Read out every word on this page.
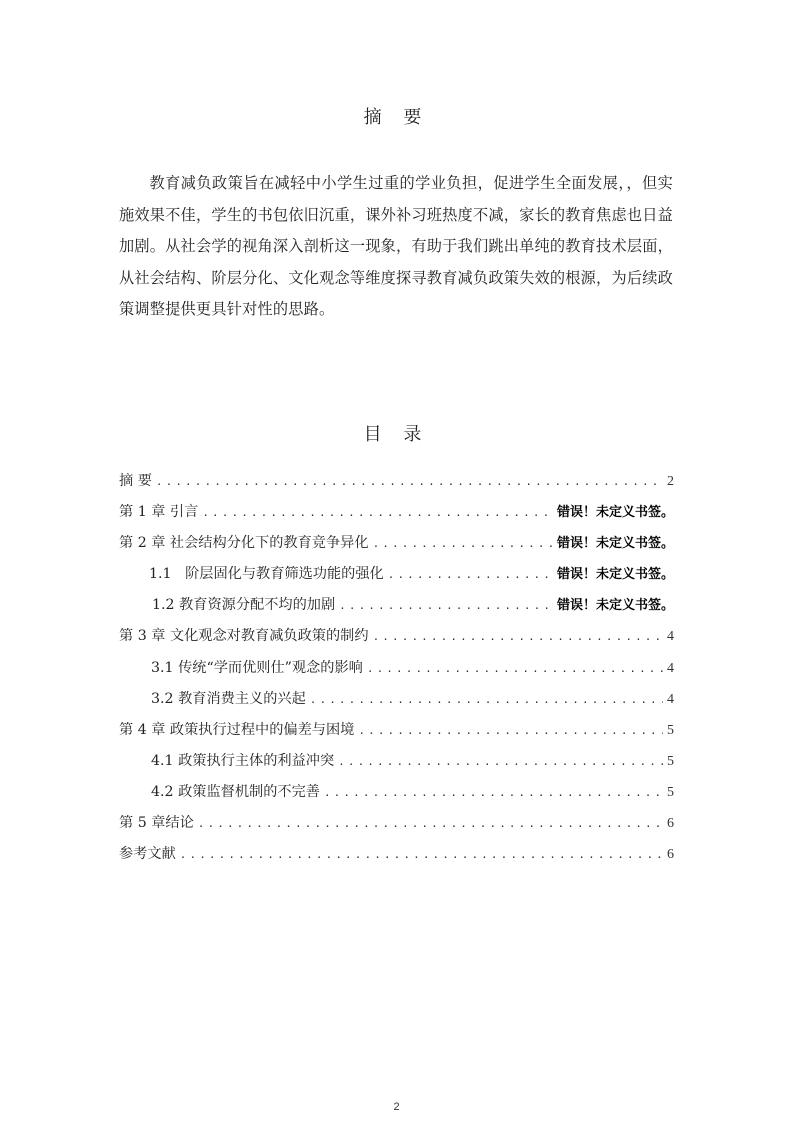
摘 要

教育减负政策旨在减轻中小学生过重的学业负担，促进学生全面发展，，但实施效果不佳，学生的书包依旧沉重，课外补习班热度不减，家长的教育焦虑也日益加剧。从社会学的视角深入剖析这一现象，有助于我们跳出单纯的教育技术层面，从社会结构、阶层分化、文化观念等维度探寻教育减负政策失效的根源，为后续政策调整提供更具针对性的思路。

目 录
摘 要 .....	2
第 1 章 引言 .....	错误！未定义书签。
第 2 章 社会结构分化下的教育竞争异化 .....	错误！未定义书签。
1.1   阶层固化与教育筛选功能的强化 .....	错误！未定义书签。
1.2 教育资源分配不均的加剧 .....	错误！未定义书签。
第 3 章 文化观念对教育减负政策的制约 .....	4
3.1 传统“学而优则仕”观念的影响 .....	4
3.2 教育消费主义的兴起 .....	4
第 4 章 政策执行过程中的偏差与困境 .....	5
4.1 政策执行主体的利益冲突 .....	5
4.2 政策监督机制的不完善 .....	5
第 5 章结论 .....	6
参考文献 .....	6
2
